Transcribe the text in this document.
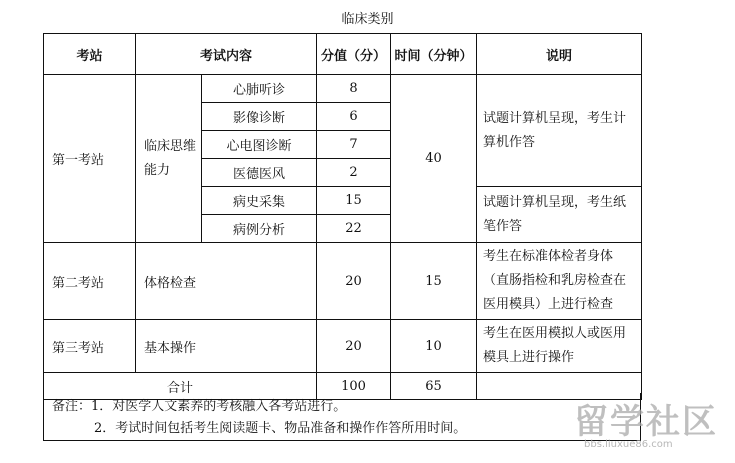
临床类别
考站	考试内容		分值（分）	时间（分钟）	说明
第一考站	临床思维能力	心肺听诊	8	40	试题计算机呈现，考生计算机作答
		影像诊断	6		
		心电图诊断	7		
		医德医风	2		
		病史采集	15		试题计算机呈现，考生纸笔作答
		病例分析	22		
第二考站	体格检查		20	15	考生在标准体检者身体（直肠指检和乳房检查在医用模具）上进行检查
第三考站	基本操作		20	10	考生在医用模拟人或医用模具上进行操作
合计			100	65	
备注：1．对医学人文素养的考核融入各考站进行。
2．考试时间包括考生阅读题卡、物品准备和操作作答所用时间。	留学社区
bbs.liuxue86.com
